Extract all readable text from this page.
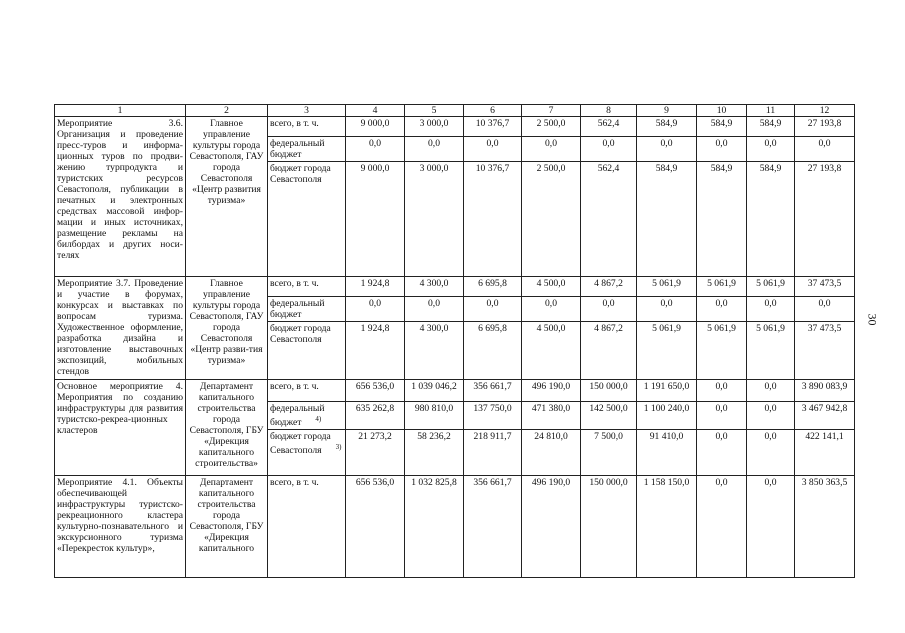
30
1	2	3	4	5	6	7	8	9	10	11	12
Мероприятие 3.6. Организация и проведение пресс-туров и информа-ционных туров по продви-жению турпродукта и туристских ресурсов Севастополя, публикации в печатных и электронных средствах массовой инфор-мации и иных источниках, размещение рекламы на билбордах и других носи-телях	Главное управление культуры города Севастополя, ГАУ города Севастополя «Центр развития туризма»	всего, в т. ч.	9 000,0	3 000,0	10 376,7	2 500,0	562,4	584,9	584,9	584,9	27 193,8
		федеральный бюджет	0,0	0,0	0,0	0,0	0,0	0,0	0,0	0,0	0,0
		бюджет города Севастополя	9 000,0	3 000,0	10 376,7	2 500,0	562,4	584,9	584,9	584,9	27 193,8
Мероприятие 3.7. Проведение и участие в форумах, конкурсах и выставках по вопросам туризма. Художественное оформление, разработка дизайна и изготовление выставочных экспозиций, мобильных стендов	Главное управление культуры города Севастополя, ГАУ города Севастополя «Центр разви-тия туризма»	всего, в т. ч.	1 924,8	4 300,0	6 695,8	4 500,0	4 867,2	5 061,9	5 061,9	5 061,9	37 473,5
		федеральный бюджет	0,0	0,0	0,0	0,0	0,0	0,0	0,0	0,0	0,0
		бюджет города Севастополя	1 924,8	4 300,0	6 695,8	4 500,0	4 867,2	5 061,9	5 061,9	5 061,9	37 473,5
Основное мероприятие 4. Мероприятия по созданию инфраструктуры для развития туристско-рекреа-ционных кластеров	Департамент капитального строительства города Севастополя, ГБУ «Дирекция капитального строительства»	всего, в т. ч.	656 536,0	1 039 046,2	356 661,7	496 190,0	150 000,0	1 191 650,0	0,0	0,0	3 890 083,9
		федеральный бюджет $^{4)}$	635 262,8	980 810,0	137 750,0	471 380,0	142 500,0	1 100 240,0	0,0	0,0	3 467 942,8
		бюджет города Севастополя $^{3)}$	21 273,2	58 236,2	218 911,7	24 810,0	7 500,0	91 410,0	0,0	0,0	422 141,1
Мероприятие 4.1. Объекты обеспечивающей инфраструктуры туристско-рекреационного кластера культурно-познавательного и экскурсионного туризма «Перекресток культур»,	Департамент капитального строительства города Севастополя, ГБУ «Дирекция капитального	всего, в т. ч.	656 536,0	1 032 825,8	356 661,7	496 190,0	150 000,0	1 158 150,0	0,0	0,0	3 850 363,5
